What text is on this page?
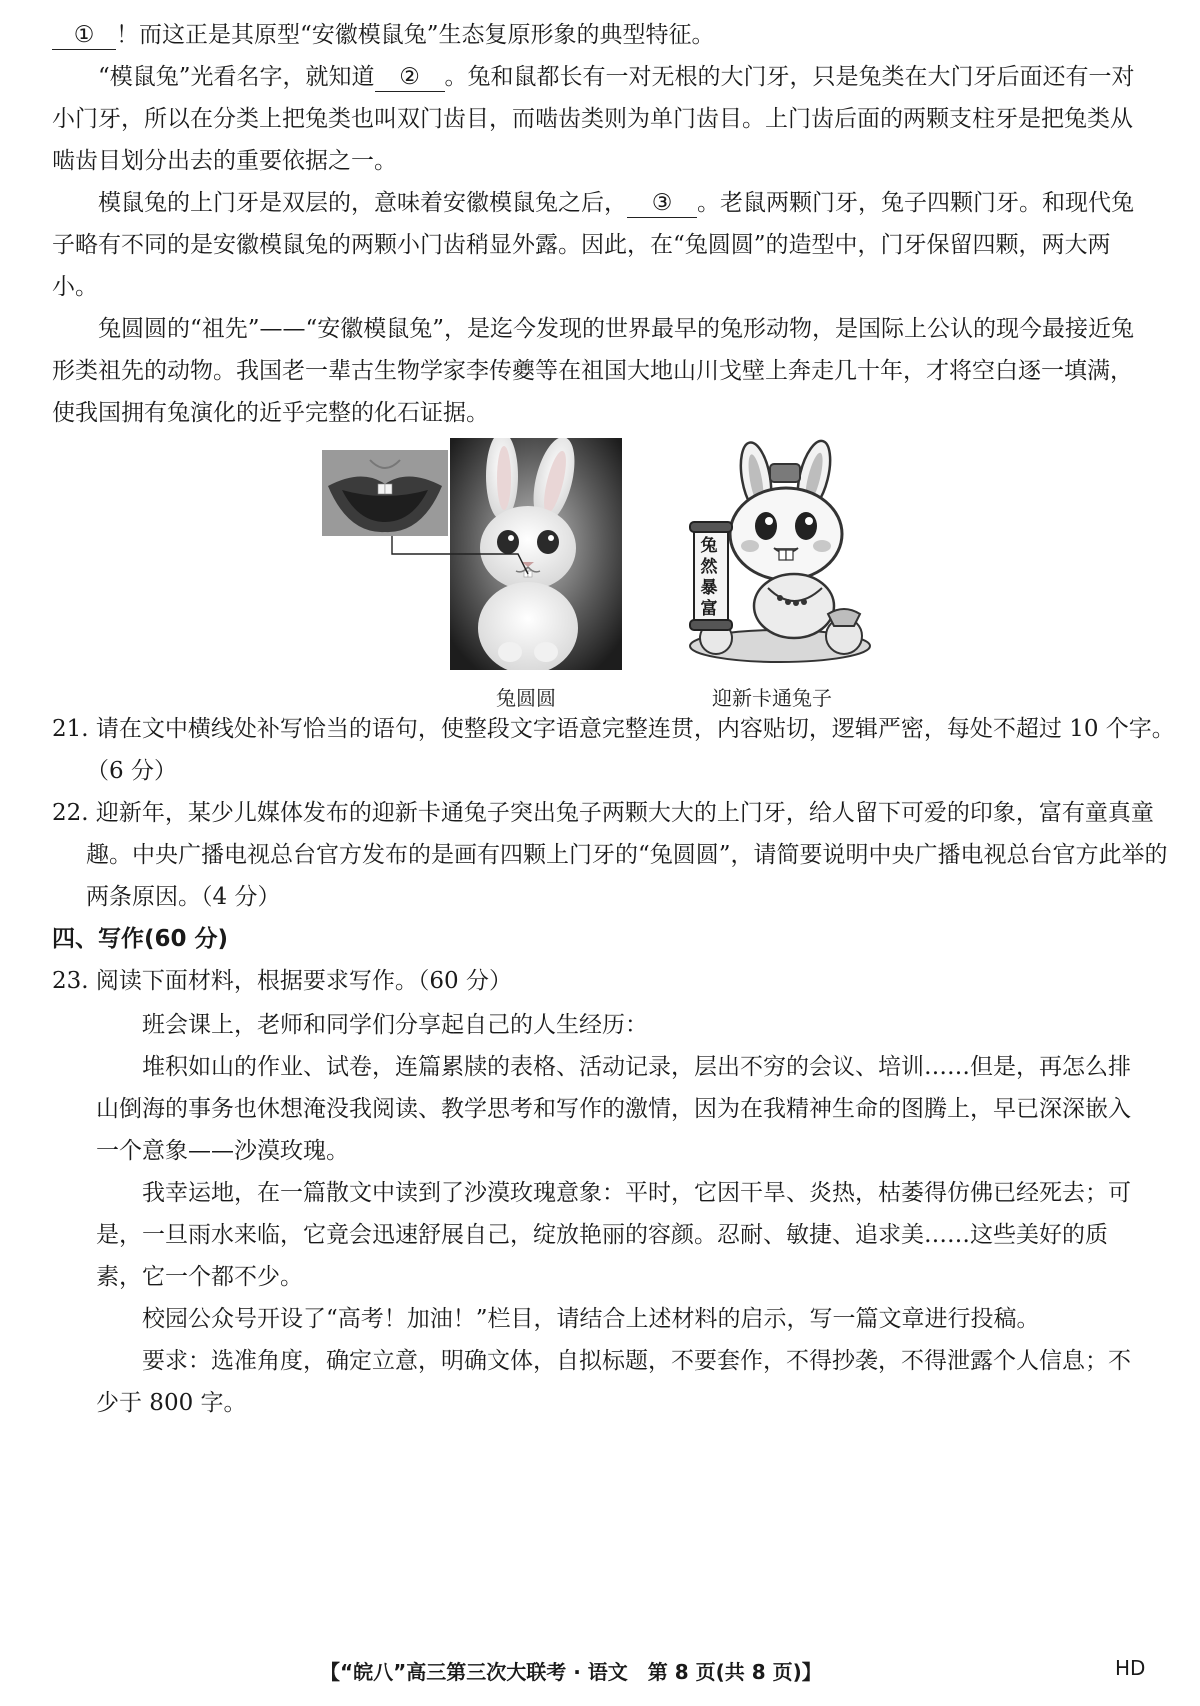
① ！而这正是其原型“安徽模鼠兔”生态复原形象的典型特征。

“模鼠兔”光看名字，就知道 ② 。兔和鼠都长有一对无根的大门牙，只是兔类在大门牙后面还有一对小门牙，所以在分类上把兔类也叫双门齿目，而啮齿类则为单门齿目。上门齿后面的两颗支柱牙是把兔类从啮齿目划分出去的重要依据之一。

模鼠兔的上门牙是双层的，意味着安徽模鼠兔之后， ③ 。老鼠两颗门牙，兔子四颗门牙。和现代兔子略有不同的是安徽模鼠兔的两颗小门齿稍显外露。因此，在“兔圆圆”的造型中，门牙保留四颗，两大两小。

兔圆圆的“祖先”——“安徽模鼠兔”，是迄今发现的世界最早的兔形动物，是国际上公认的现今最接近兔形类祖先的动物。我国老一辈古生物学家李传夔等在祖国大地山川戈壁上奔走几十年，才将空白逐一填满，使我国拥有兔演化的近乎完整的化石证据。

兔然暴富
兔圆圆	迎新卡通兔子

21. 请在文中横线处补写恰当的语句，使整段文字语意完整连贯，内容贴切，逻辑严密，每处不超过 10 个字。（6 分）

22. 迎新年，某少儿媒体发布的迎新卡通兔子突出兔子两颗大大的上门牙，给人留下可爱的印象，富有童真童趣。中央广播电视总台官方发布的是画有四颗上门牙的“兔圆圆”，请简要说明中央广播电视总台官方此举的两条原因。（4 分）

四、写作(60 分)

23. 阅读下面材料，根据要求写作。（60 分）

班会课上，老师和同学们分享起自己的人生经历：

堆积如山的作业、试卷，连篇累牍的表格、活动记录，层出不穷的会议、培训……但是，再怎么排山倒海的事务也休想淹没我阅读、教学思考和写作的激情，因为在我精神生命的图腾上，早已深深嵌入一个意象——沙漠玫瑰。

我幸运地，在一篇散文中读到了沙漠玫瑰意象：平时，它因干旱、炎热，枯萎得仿佛已经死去；可是，一旦雨水来临，它竟会迅速舒展自己，绽放艳丽的容颜。忍耐、敏捷、追求美……这些美好的质素，它一个都不少。

校园公众号开设了“高考！加油！”栏目，请结合上述材料的启示，写一篇文章进行投稿。

要求：选准角度，确定立意，明确文体，自拟标题，不要套作，不得抄袭，不得泄露个人信息；不少于 800 字。

【“皖八”高三第三次大联考 · 语文　第 8 页(共 8 页)】	HD
